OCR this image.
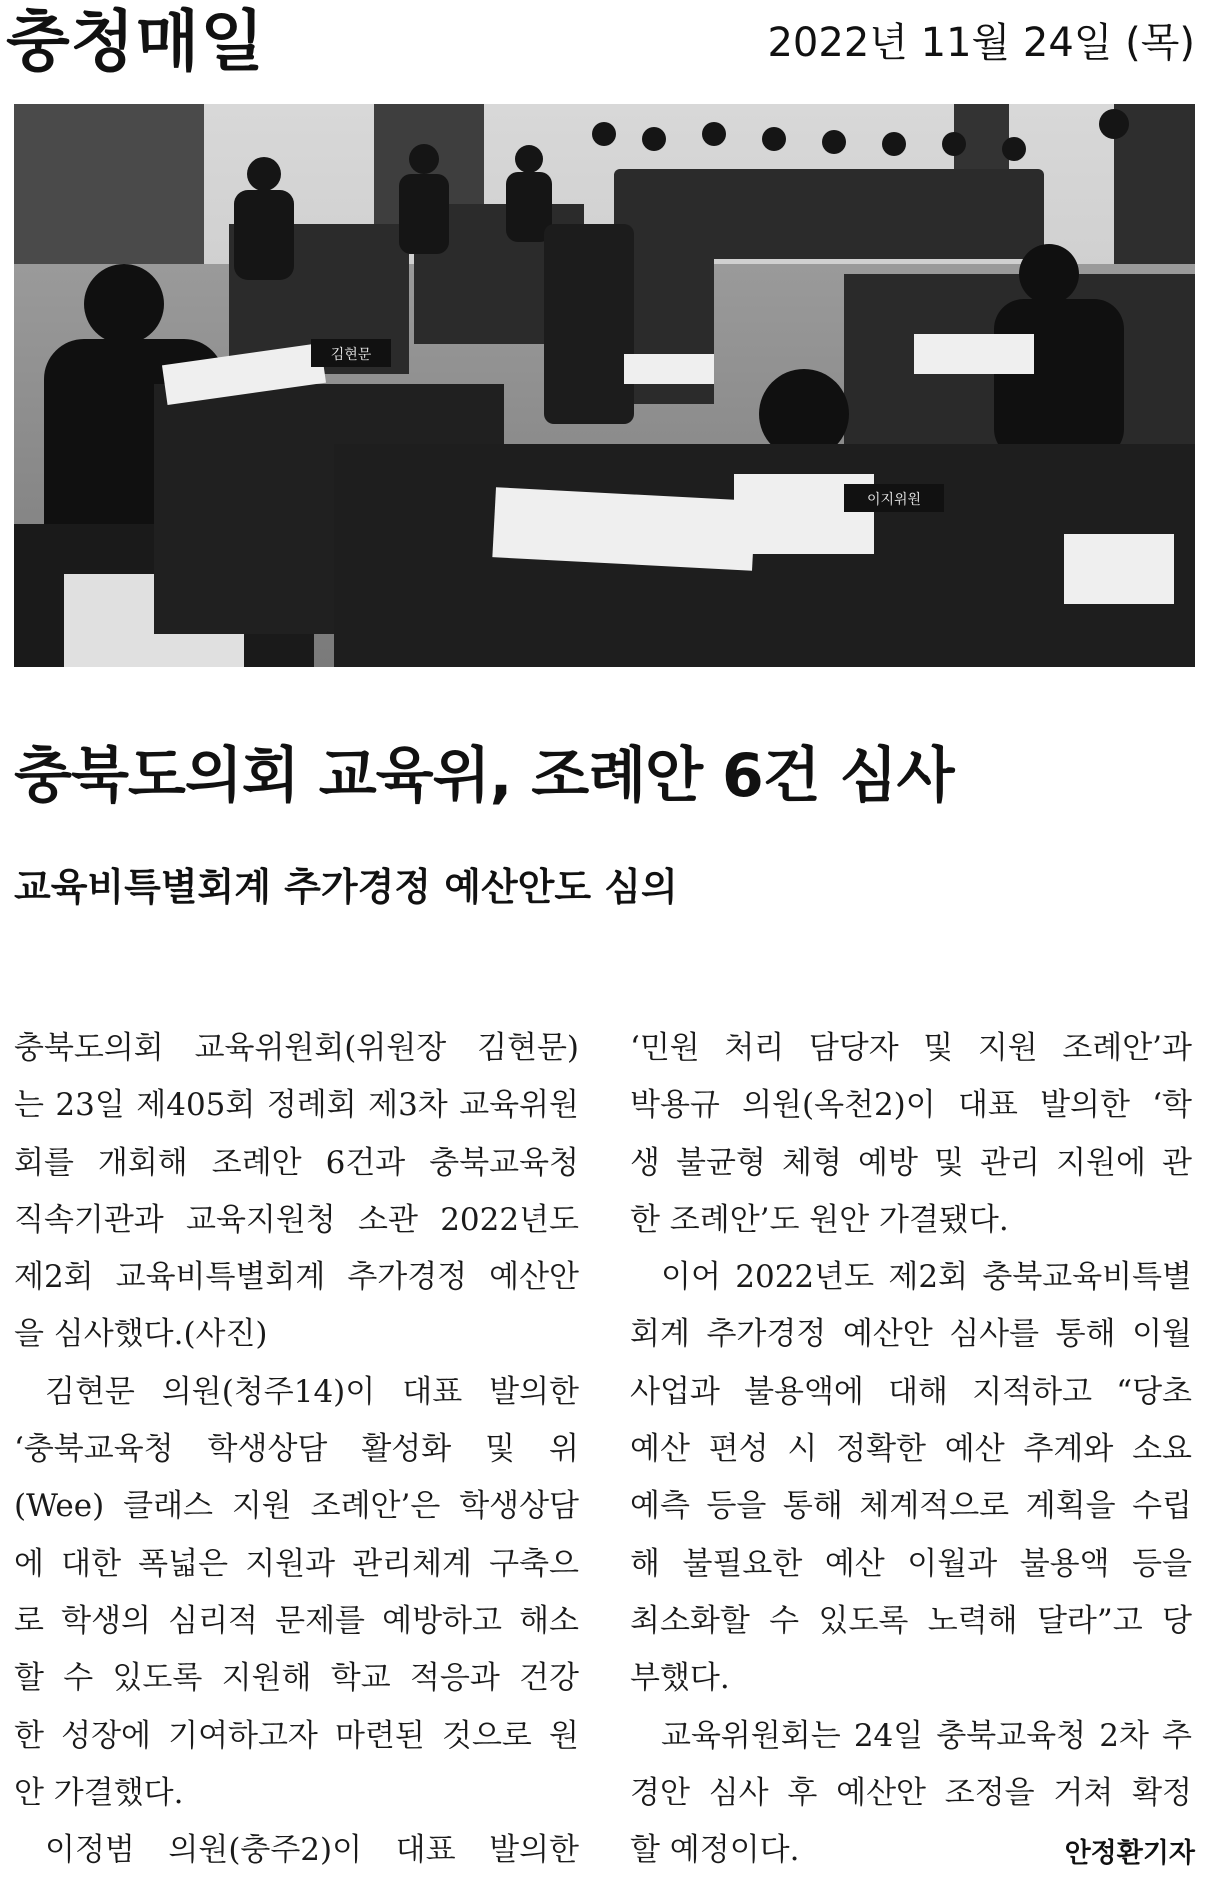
충청매일	2022년 11월 24일 (목)
김현문
이지위원
충북도의회 교육위, 조례안 6건 심사
교육비특별회계 추가경정 예산안도 심의

충북도의회 교육위원회(위원장 김현문)

는 23일 제405회 정례회 제3차 교육위원

회를 개회해 조례안 6건과 충북교육청

직속기관과 교육지원청 소관 2022년도

제2회 교육비특별회계 추가경정 예산안

을 심사했다.(사진)

김현문 의원(청주14)이 대표 발의한

‘충북교육청 학생상담 활성화 및 위

(Wee) 클래스 지원 조례안’은 학생상담

에 대한 폭넓은 지원과 관리체계 구축으

로 학생의 심리적 문제를 예방하고 해소

할 수 있도록 지원해 학교 적응과 건강

한 성장에 기여하고자 마련된 것으로 원

안 가결했다.

이정범 의원(충주2)이 대표 발의한

‘민원 처리 담당자 및 지원 조례안’과

박용규 의원(옥천2)이 대표 발의한 ‘학

생 불균형 체형 예방 및 관리 지원에 관

한 조례안’도 원안 가결됐다.

이어 2022년도 제2회 충북교육비특별

회계 추가경정 예산안 심사를 통해 이월

사업과 불용액에 대해 지적하고 “당초

예산 편성 시 정확한 예산 추계와 소요

예측 등을 통해 체계적으로 계획을 수립

해 불필요한 예산 이월과 불용액 등을

최소화할 수 있도록 노력해 달라”고 당

부했다.

교육위원회는 24일 충북교육청 2차 추

경안 심사 후 예산안 조정을 거쳐 확정

할 예정이다.	안정환기자
